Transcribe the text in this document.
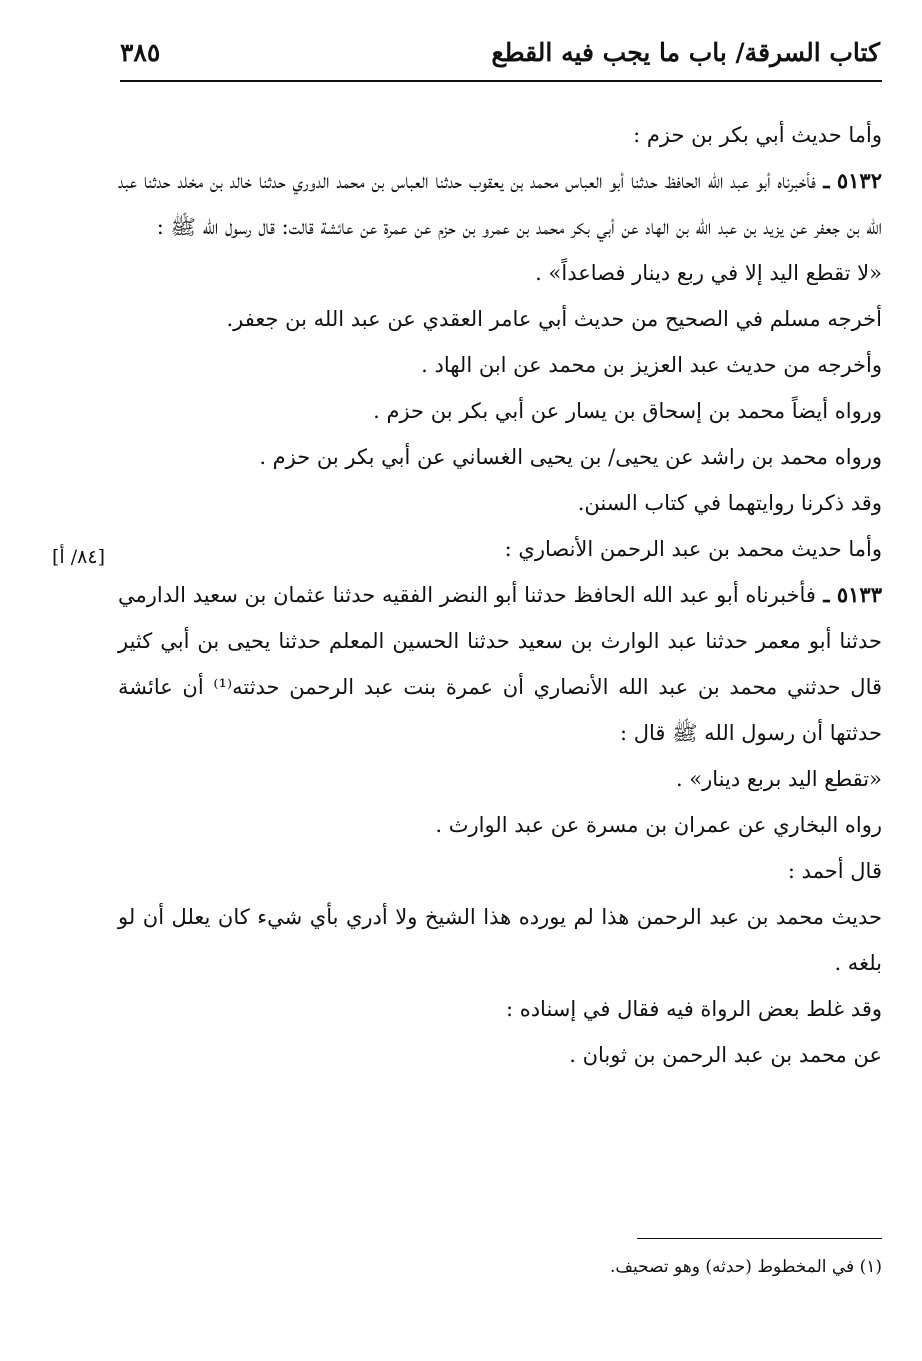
كتاب السرقة/ باب ما يجب فيه القطع
٣٨٥

وأما حديث أبي بكر بن حزم :

٥١٣٢ ـ فأخبرناه أبو عبد الله الحافظ حدثنا أبو العباس محمد بن يعقوب حدثنا العباس بن محمد الدوري حدثنا خالد بن مخلد حدثنا عبد الله بن جعفر عن يزيد بن عبد الله بن الهاد عن أبي بكر محمد بن عمرو بن حزم عن عمرة عن عائشة قالت: قال رسول الله ﷺ :

«لا تقطع اليد إلا في ربع دينار فصاعداً» .

أخرجه مسلم في الصحيح من حديث أبي عامر العقدي عن عبد الله بن جعفر.

وأخرجه من حديث عبد العزيز بن محمد عن ابن الهاد .

ورواه أيضاً محمد بن إسحاق بن يسار عن أبي بكر بن حزم .

ورواه محمد بن راشد عن يحيى/ بن يحيى الغساني عن أبي بكر بن حزم .

وقد ذكرنا روايتهما في كتاب السنن.

وأما حديث محمد بن عبد الرحمن الأنصاري :

٥١٣٣ ـ فأخبرناه أبو عبد الله الحافظ حدثنا أبو النضر الفقيه حدثنا عثمان بن سعيد الدارمي حدثنا أبو معمر حدثنا عبد الوارث بن سعيد حدثنا الحسين المعلم حدثنا يحيى بن أبي كثير قال حدثني محمد بن عبد الله الأنصاري أن عمرة بنت عبد الرحمن حدثته⁽¹⁾ أن عائشة حدثتها أن رسول الله ﷺ قال :

«تقطع اليد بربع دينار» .

رواه البخاري عن عمران بن مسرة عن عبد الوارث .

قال أحمد :

حديث محمد بن عبد الرحمن هذا لم يورده هذا الشيخ ولا أدري بأي شيء كان يعلل أن لو بلغه .

وقد غلط بعض الرواة فيه فقال في إسناده :

عن محمد بن عبد الرحمن بن ثوبان .

[٨٤/ أ]
(١) في المخطوط (حدثه) وهو تصحيف.
